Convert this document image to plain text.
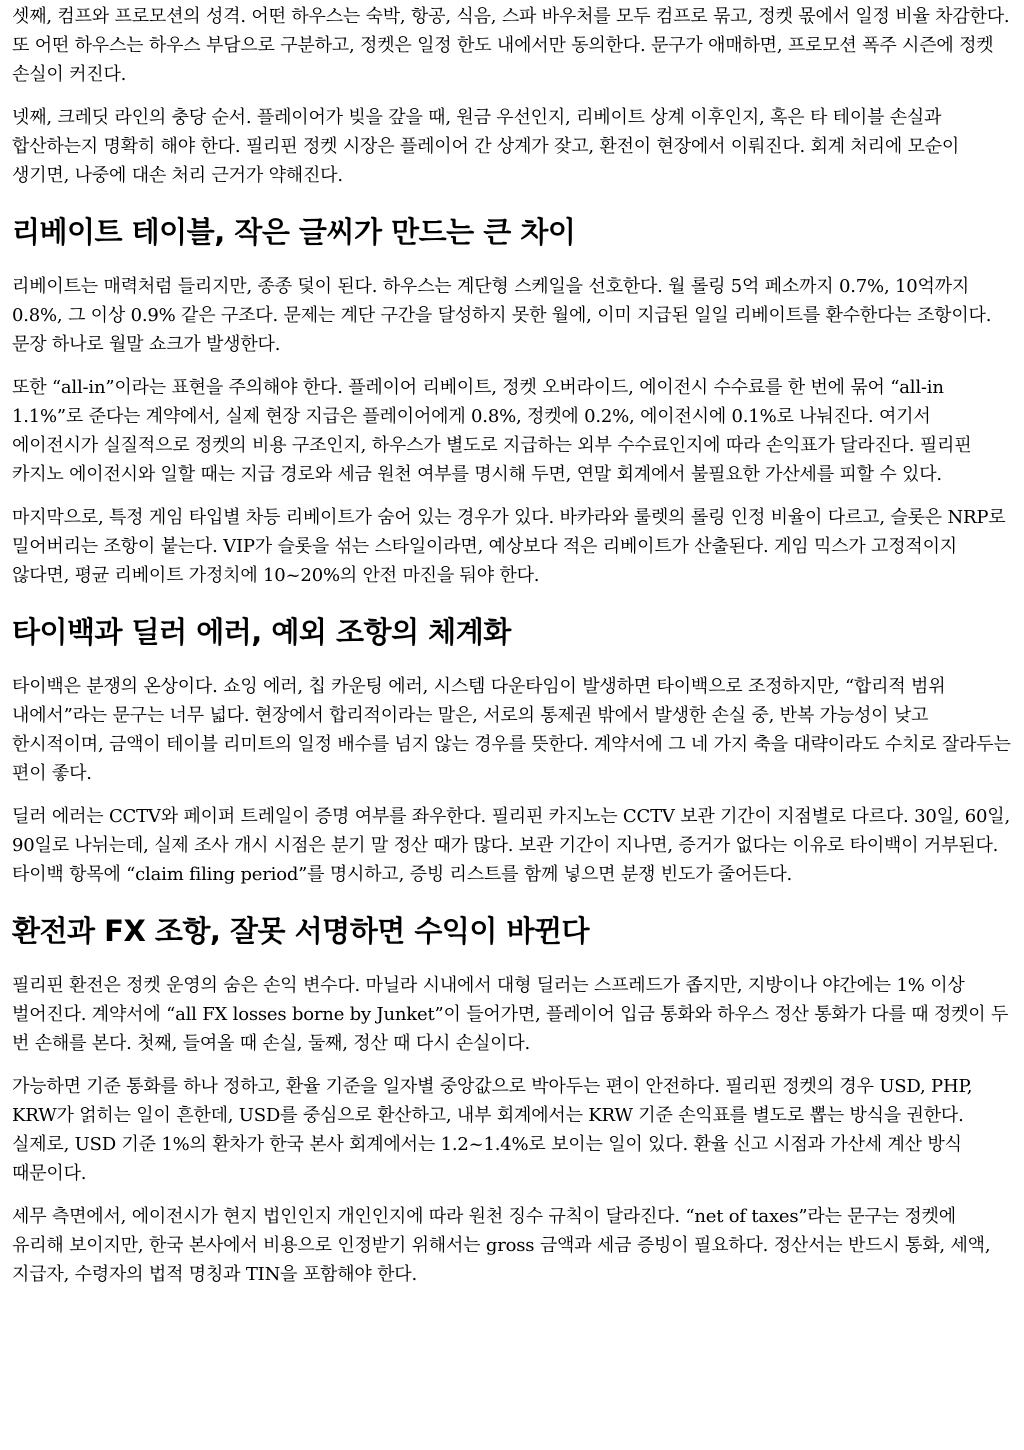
셋째, 컴프와 프로모션의 성격. 어떤 하우스는 숙박, 항공, 식음, 스파 바우처를 모두 컴프로 묶고, 정켓 몫에서 일정 비율 차감한다. 또 어떤 하우스는 하우스 부담으로 구분하고, 정켓은 일정 한도 내에서만 동의한다. 문구가 애매하면, 프로모션 폭주 시즌에 정켓 손실이 커진다.

넷째, 크레딧 라인의 충당 순서. 플레이어가 빚을 갚을 때, 원금 우선인지, 리베이트 상계 이후인지, 혹은 타 테이블 손실과 합산하는지 명확히 해야 한다. 필리핀 정켓 시장은 플레이어 간 상계가 잦고, 환전이 현장에서 이뤄진다. 회계 처리에 모순이 생기면, 나중에 대손 처리 근거가 약해진다.

리베이트 테이블, 작은 글씨가 만드는 큰 차이

리베이트는 매력처럼 들리지만, 종종 덫이 된다. 하우스는 계단형 스케일을 선호한다. 월 롤링 5억 페소까지 0.7%, 10억까지 0.8%, 그 이상 0.9% 같은 구조다. 문제는 계단 구간을 달성하지 못한 월에, 이미 지급된 일일 리베이트를 환수한다는 조항이다. 문장 하나로 월말 쇼크가 발생한다.

또한 “all-in”이라는 표현을 주의해야 한다. 플레이어 리베이트, 정켓 오버라이드, 에이전시 수수료를 한 번에 묶어 “all-in 1.1%”로 준다는 계약에서, 실제 현장 지급은 플레이어에게 0.8%, 정켓에 0.2%, 에이전시에 0.1%로 나눠진다. 여기서 에이전시가 실질적으로 정켓의 비용 구조인지, 하우스가 별도로 지급하는 외부 수수료인지에 따라 손익표가 달라진다. 필리핀 카지노 에이전시와 일할 때는 지급 경로와 세금 원천 여부를 명시해 두면, 연말 회계에서 불필요한 가산세를 피할 수 있다.

마지막으로, 특정 게임 타입별 차등 리베이트가 숨어 있는 경우가 있다. 바카라와 룰렛의 롤링 인정 비율이 다르고, 슬롯은 NRP로 밀어버리는 조항이 붙는다. VIP가 슬롯을 섞는 스타일이라면, 예상보다 적은 리베이트가 산출된다. 게임 믹스가 고정적이지 않다면, 평균 리베이트 가정치에 10~20%의 안전 마진을 둬야 한다.

타이백과 딜러 에러, 예외 조항의 체계화

타이백은 분쟁의 온상이다. 쇼잉 에러, 칩 카운팅 에러, 시스템 다운타임이 발생하면 타이백으로 조정하지만, “합리적 범위 내에서”라는 문구는 너무 넓다. 현장에서 합리적이라는 말은, 서로의 통제권 밖에서 발생한 손실 중, 반복 가능성이 낮고 한시적이며, 금액이 테이블 리미트의 일정 배수를 넘지 않는 경우를 뜻한다. 계약서에 그 네 가지 축을 대략이라도 수치로 잘라두는 편이 좋다.

딜러 에러는 CCTV와 페이퍼 트레일이 증명 여부를 좌우한다. 필리핀 카지노는 CCTV 보관 기간이 지점별로 다르다. 30일, 60일, 90일로 나뉘는데, 실제 조사 개시 시점은 분기 말 정산 때가 많다. 보관 기간이 지나면, 증거가 없다는 이유로 타이백이 거부된다. 타이백 항목에 “claim filing period”를 명시하고, 증빙 리스트를 함께 넣으면 분쟁 빈도가 줄어든다.

환전과 FX 조항, 잘못 서명하면 수익이 바뀐다

필리핀 환전은 정켓 운영의 숨은 손익 변수다. 마닐라 시내에서 대형 딜러는 스프레드가 좁지만, 지방이나 야간에는 1% 이상 벌어진다. 계약서에 “all FX losses borne by Junket”이 들어가면, 플레이어 입금 통화와 하우스 정산 통화가 다를 때 정켓이 두 번 손해를 본다. 첫째, 들여올 때 손실, 둘째, 정산 때 다시 손실이다.

가능하면 기준 통화를 하나 정하고, 환율 기준을 일자별 중앙값으로 박아두는 편이 안전하다. 필리핀 정켓의 경우 USD, PHP, KRW가 얽히는 일이 흔한데, USD를 중심으로 환산하고, 내부 회계에서는 KRW 기준 손익표를 별도로 뽑는 방식을 권한다. 실제로, USD 기준 1%의 환차가 한국 본사 회계에서는 1.2~1.4%로 보이는 일이 있다. 환율 신고 시점과 가산세 계산 방식 때문이다.

세무 측면에서, 에이전시가 현지 법인인지 개인인지에 따라 원천 징수 규칙이 달라진다. “net of taxes”라는 문구는 정켓에 유리해 보이지만, 한국 본사에서 비용으로 인정받기 위해서는 gross 금액과 세금 증빙이 필요하다. 정산서는 반드시 통화, 세액, 지급자, 수령자의 법적 명칭과 TIN을 포함해야 한다.
